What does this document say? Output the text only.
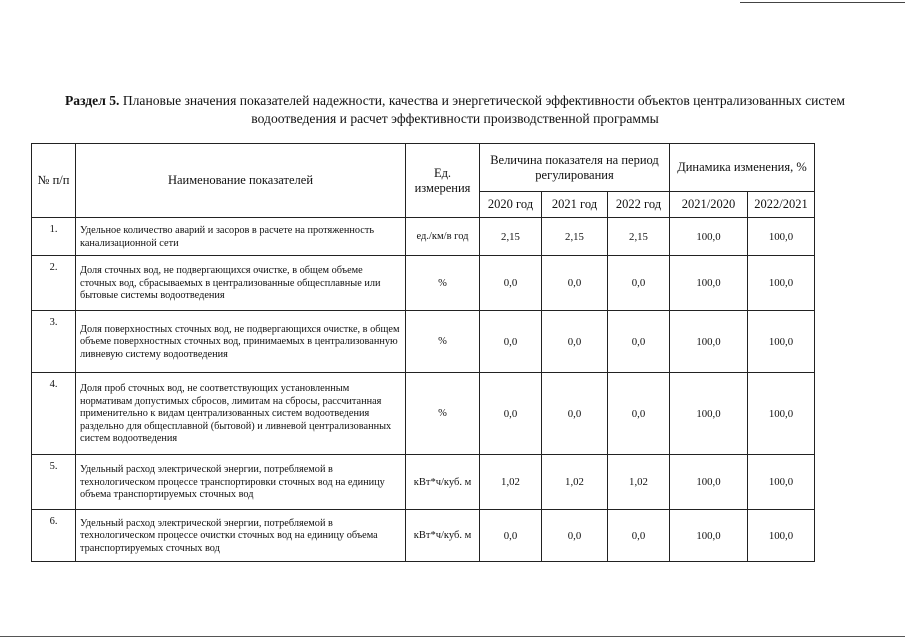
Раздел 5. Плановые значения показателей надежности, качества и энергетической эффективности объектов централизованных систем водоотведения и расчет эффективности производственной программы
№ п/п	Наименование показателей	Ед. измерения	Величина показателя на период регулирования			Динамика изменения, %	
			2020 год	2021 год	2022 год	2021/2020	2022/2021
1.	Удельное количество аварий и засоров в расчете на протяженность канализационной сети	ед./км/в год	2,15	2,15	2,15	100,0	100,0
2.	Доля сточных вод, не подвергающихся очистке, в общем объеме сточных вод, сбрасываемых в централизованные общесплавные или бытовые системы водоотведения	%	0,0	0,0	0,0	100,0	100,0
3.	Доля поверхностных сточных вод, не подвергающихся очистке, в общем объеме поверхностных сточных вод, принимаемых в централизованную ливневую систему водоотведения	%	0,0	0,0	0,0	100,0	100,0
4.	Доля проб сточных вод, не соответствующих установленным нормативам допустимых сбросов, лимитам на сбросы, рассчитанная применительно к видам централизованных систем водоотведения раздельно для общесплавной (бытовой) и ливневой централизованных систем водоотведения	%	0,0	0,0	0,0	100,0	100,0
5.	Удельный расход электрической энергии, потребляемой в технологическом процессе транспортировки сточных вод на единицу объема транспортируемых сточных вод	кВт*ч/куб. м	1,02	1,02	1,02	100,0	100,0
6.	Удельный расход электрической энергии, потребляемой в технологическом процессе очистки сточных вод на единицу объема транспортируемых сточных вод	кВт*ч/куб. м	0,0	0,0	0,0	100,0	100,0
